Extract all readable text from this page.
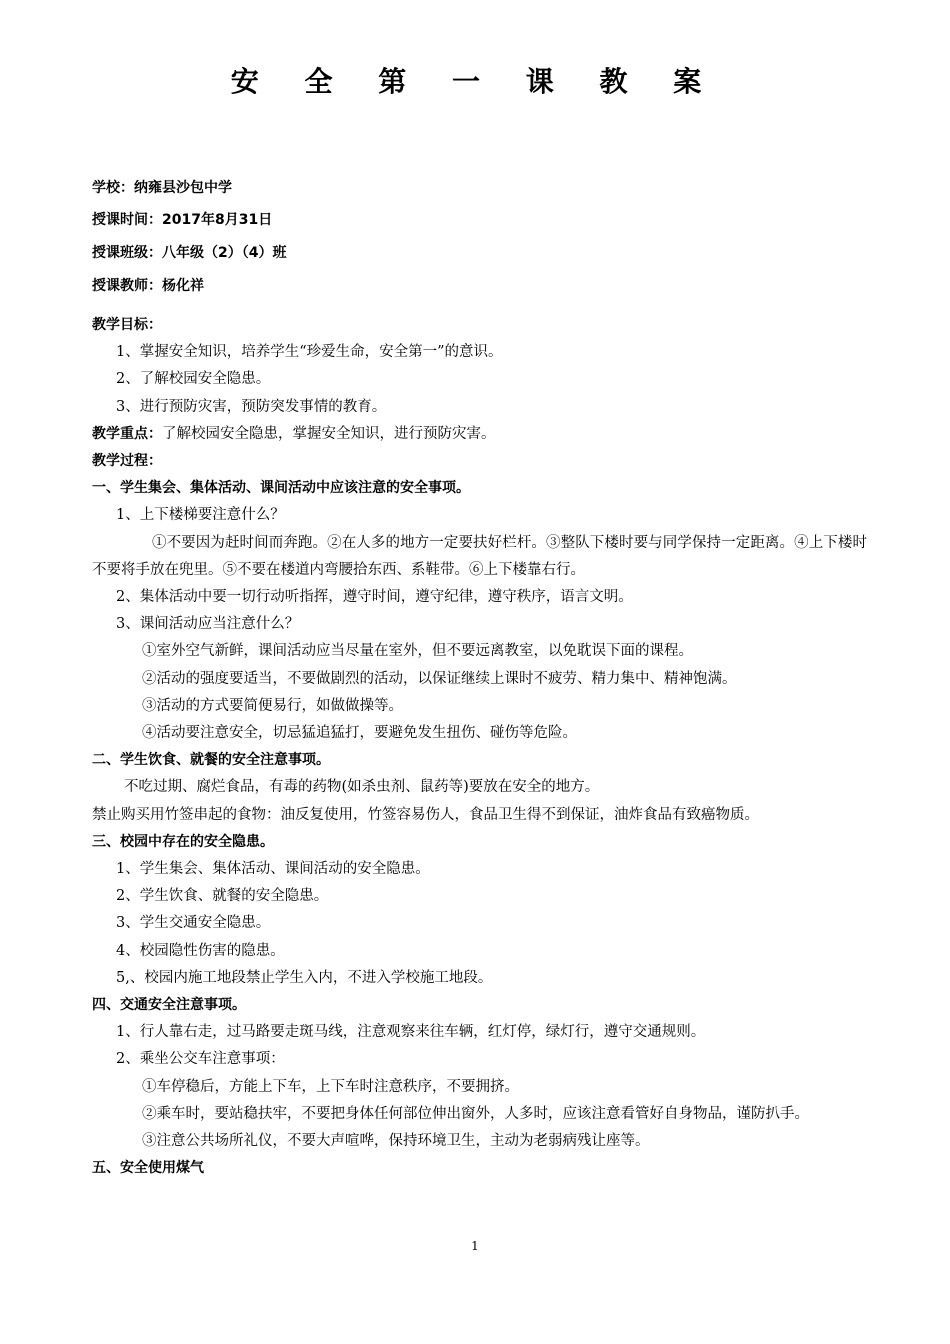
安 全 第 一 课 教 案
学校：纳雍县沙包中学
授课时间：2017年8月31日
授课班级：八年级（2）（4）班
授课教师：杨化祥

教学目标：

1、掌握安全知识，培养学生“珍爱生命，安全第一”的意识。

2、了解校园安全隐患。

3、进行预防灾害，预防突发事情的教育。

教学重点：了解校园安全隐患，掌握安全知识，进行预防灾害。

教学过程：

一、学生集会、集体活动、课间活动中应该注意的安全事项。

1、上下楼梯要注意什么？

①不要因为赶时间而奔跑。②在人多的地方一定要扶好栏杆。③整队下楼时要与同学保持一定距离。④上下楼时不要将手放在兜里。⑤不要在楼道内弯腰拾东西、系鞋带。⑥上下楼靠右行。

2、集体活动中要一切行动听指挥，遵守时间，遵守纪律，遵守秩序，语言文明。

3、课间活动应当注意什么？

①室外空气新鲜，课间活动应当尽量在室外，但不要远离教室，以免耽误下面的课程。

②活动的强度要适当，不要做剧烈的活动，以保证继续上课时不疲劳、精力集中、精神饱满。

③活动的方式要简便易行，如做做操等。

④活动要注意安全，切忌猛追猛打，要避免发生扭伤、碰伤等危险。

二、学生饮食、就餐的安全注意事项。

不吃过期、腐烂食品，有毒的药物(如杀虫剂、鼠药等)要放在安全的地方。

禁止购买用竹签串起的食物：油反复使用，竹签容易伤人，食品卫生得不到保证，油炸食品有致癌物质。

三、校园中存在的安全隐患。

1、学生集会、集体活动、课间活动的安全隐患。

2、学生饮食、就餐的安全隐患。

3、学生交通安全隐患。

4、校园隐性伤害的隐患。

5,、校园内施工地段禁止学生入内，不进入学校施工地段。

四、交通安全注意事项。

1、行人靠右走，过马路要走斑马线，注意观察来往车辆，红灯停，绿灯行，遵守交通规则。

2、乘坐公交车注意事项：

①车停稳后，方能上下车，上下车时注意秩序，不要拥挤。

②乘车时，要站稳扶牢，不要把身体任何部位伸出窗外，人多时，应该注意看管好自身物品，谨防扒手。

③注意公共场所礼仪，不要大声喧哗，保持环境卫生，主动为老弱病残让座等。

五、安全使用煤气

1
